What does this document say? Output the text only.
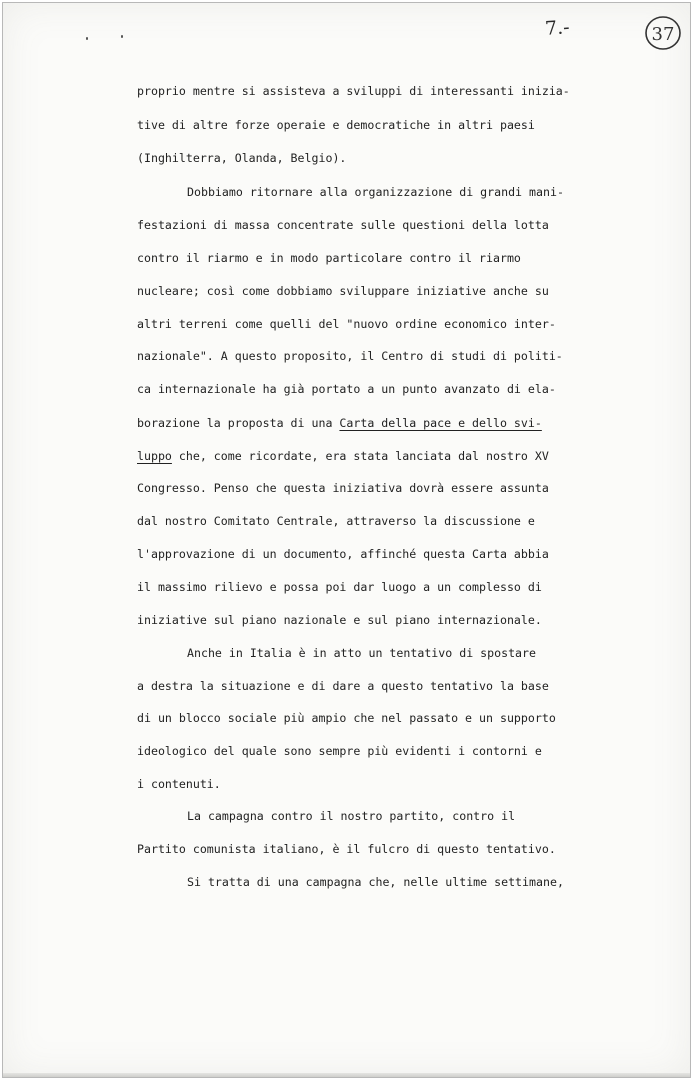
7.-	37
proprio mentre si assisteva a sviluppi di interessanti inizia-
tive di altre forze operaie e democratiche in altri paesi
(Inghilterra, Olanda, Belgio).
Dobbiamo ritornare alla organizzazione di grandi mani-
festazioni di massa concentrate sulle questioni della lotta
contro il riarmo e in modo particolare contro il riarmo
nucleare; così come dobbiamo sviluppare iniziative anche su
altri terreni come quelli del "nuovo ordine economico inter-
nazionale". A questo proposito, il Centro di studi di politi-
ca internazionale ha già portato a un punto avanzato di ela-
borazione la proposta di una Carta della pace e dello svi-
luppo che, come ricordate, era stata lanciata dal nostro XV
Congresso. Penso che questa iniziativa dovrà essere assunta
dal nostro Comitato Centrale, attraverso la discussione e
l'approvazione di un documento, affinché questa Carta abbia
il massimo rilievo e possa poi dar luogo a un complesso di
iniziative sul piano nazionale e sul piano internazionale.
Anche in Italia è in atto un tentativo di spostare
a destra la situazione e di dare a questo tentativo la base
di un blocco sociale più ampio che nel passato e un supporto
ideologico del quale sono sempre più evidenti i contorni e
i contenuti.
La campagna contro il nostro partito, contro il
Partito comunista italiano, è il fulcro di questo tentativo.
Si tratta di una campagna che, nelle ultime settimane,
